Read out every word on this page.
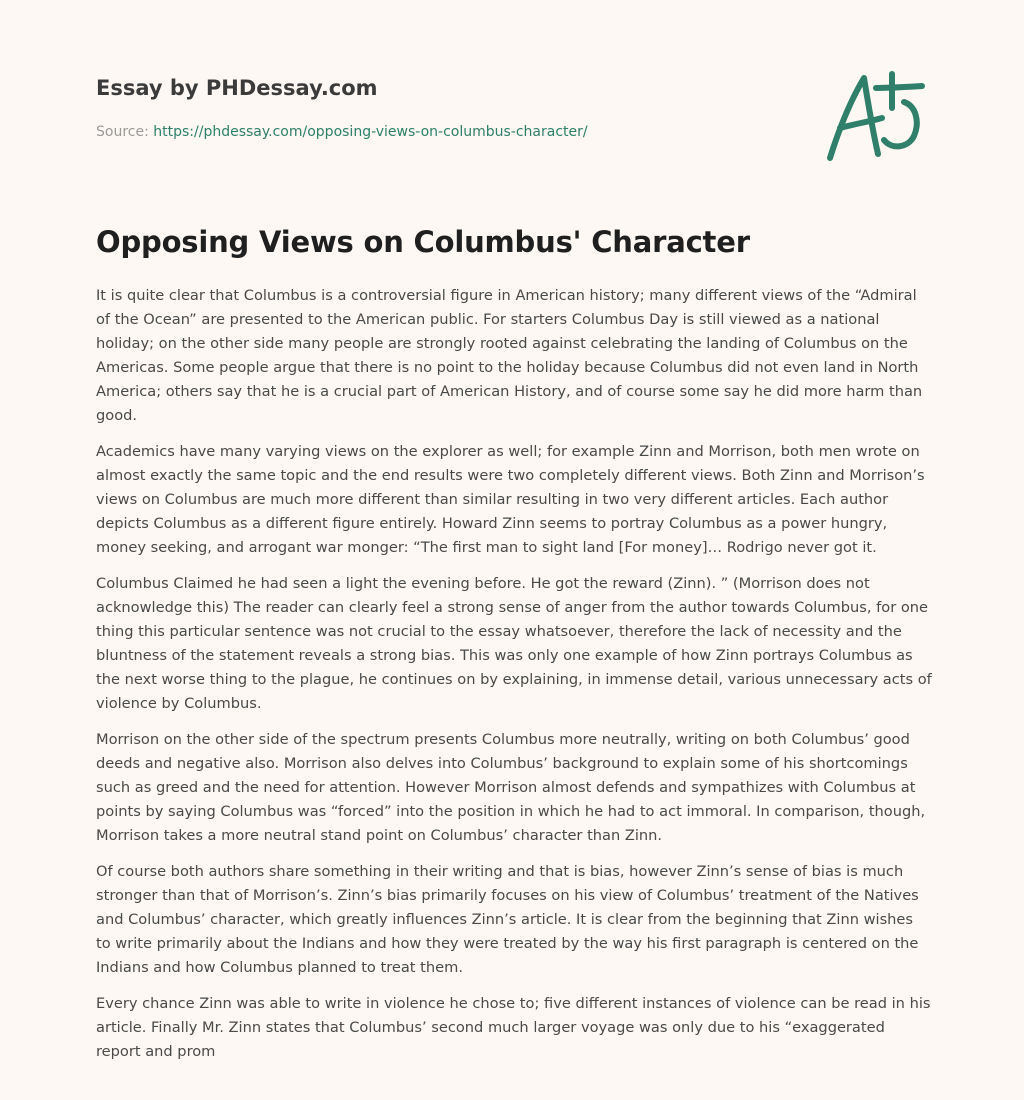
Essay by PHDessay.com
Source: https://phdessay.com/opposing-views-on-columbus-character/
Opposing Views on Columbus' Character

It is quite clear that Columbus is a controversial figure in American history; many different views of the “Admiral of the Ocean” are presented to the American public. For starters Columbus Day is still viewed as a national holiday; on the other side many people are strongly rooted against celebrating the landing of Columbus on the Americas. Some people argue that there is no point to the holiday because Columbus did not even land in North America; others say that he is a crucial part of American History, and of course some say he did more harm than good.

Academics have many varying views on the explorer as well; for example Zinn and Morrison, both men wrote on almost exactly the same topic and the end results were two completely different views. Both Zinn and Morrison’s views on Columbus are much more different than similar resulting in two very different articles. Each author depicts Columbus as a different figure entirely. Howard Zinn seems to portray Columbus as a power hungry, money seeking, and arrogant war monger: “The first man to sight land [For money]… Rodrigo never got it.

Columbus Claimed he had seen a light the evening before. He got the reward (Zinn). ” (Morrison does not acknowledge this) The reader can clearly feel a strong sense of anger from the author towards Columbus, for one thing this particular sentence was not crucial to the essay whatsoever, therefore the lack of necessity and the bluntness of the statement reveals a strong bias. This was only one example of how Zinn portrays Columbus as the next worse thing to the plague, he continues on by explaining, in immense detail, various unnecessary acts of violence by Columbus.

Morrison on the other side of the spectrum presents Columbus more neutrally, writing on both Columbus’ good deeds and negative also. Morrison also delves into Columbus’ background to explain some of his shortcomings such as greed and the need for attention. However Morrison almost defends and sympathizes with Columbus at points by saying Columbus was “forced” into the position in which he had to act immoral. In comparison, though, Morrison takes a more neutral stand point on Columbus’ character than Zinn.

Of course both authors share something in their writing and that is bias, however Zinn’s sense of bias is much stronger than that of Morrison’s. Zinn’s bias primarily focuses on his view of Columbus’ treatment of the Natives and Columbus’ character, which greatly influences Zinn’s article. It is clear from the beginning that Zinn wishes to write primarily about the Indians and how they were treated by the way his first paragraph is centered on the Indians and how Columbus planned to treat them.

Every chance Zinn was able to write in violence he chose to; five different instances of violence can be read in his article. Finally Mr. Zinn states that Columbus’ second much larger voyage was only due to his “exaggerated report and prom
